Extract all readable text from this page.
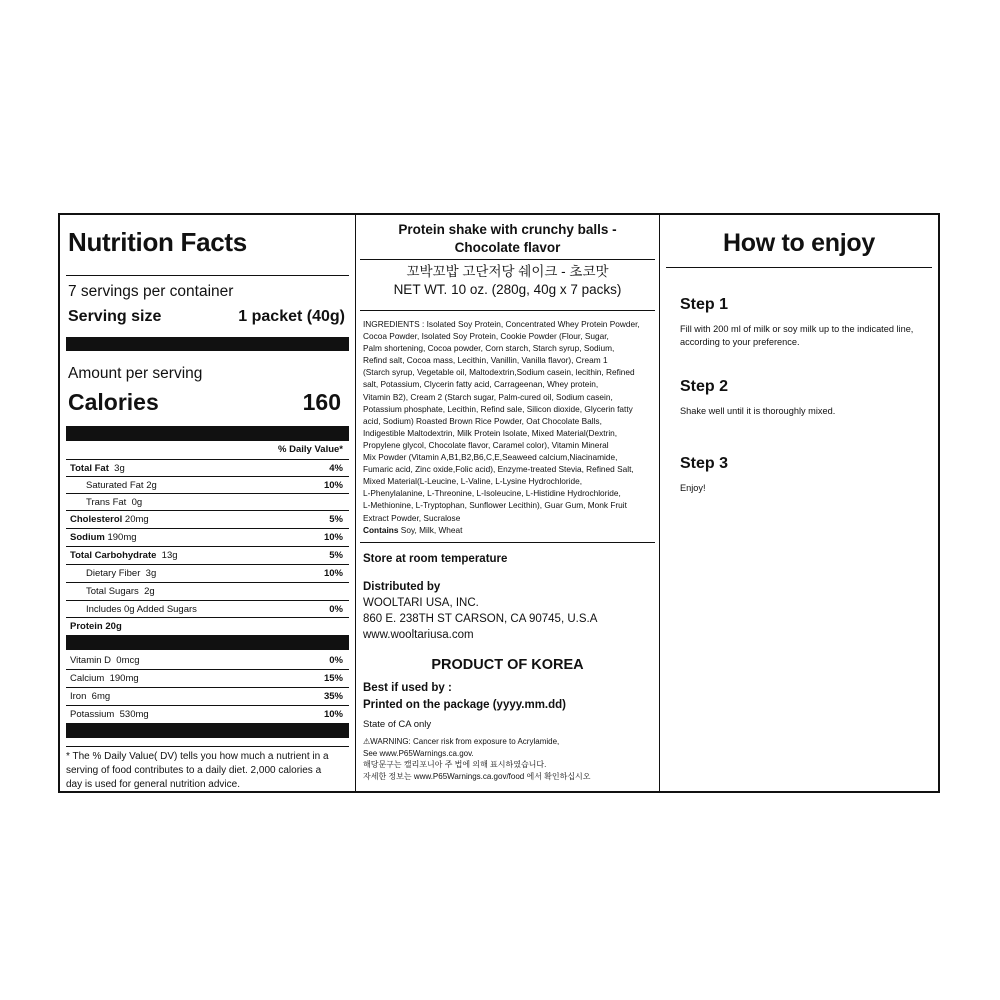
Nutrition Facts
7 servings per container
Serving size	1 packet (40g)
Amount per serving
Calories	160
% Daily Value*
Total Fat 3g	4%
Saturated Fat 2g	10%
Trans Fat 0g
Cholesterol 20mg	5%
Sodium 190mg	10%
Total Carbohydrate 13g	5%
Dietary Fiber 3g	10%
Total Sugars 2g
Includes 0g Added Sugars	0%
Protein 20g
Vitamin D 0mcg	0%
Calcium 190mg	15%
Iron 6mg	35%
Potassium 530mg	10%
* The % Daily Value( DV) tells you how much a nutrient in a
serving of food contributes to a daily diet. 2,000 calories a
day is used for general nutrition advice.
Protein shake with crunchy balls -
Chocolate flavor
꼬박꼬밥 고단저당 쉐이크 - 초코맛
NET WT. 10 oz. (280g, 40g x 7 packs)
INGREDIENTS : Isolated Soy Protein, Concentrated Whey Protein Powder,
Cocoa Powder, Isolated Soy Protein, Cookie Powder (Flour, Sugar,
Palm shortening, Cocoa powder, Corn starch, Starch syrup, Sodium,
Refind salt, Cocoa mass, Lecithin, Vanillin, Vanilla flavor), Cream 1
(Starch syrup, Vegetable oil, Maltodextrin,Sodium casein, lecithin, Refined
salt, Potassium, Clycerin fatty acid, Carrageenan, Whey protein,
Vitamin B2), Cream 2 (Starch sugar, Palm-cured oil, Sodium casein,
Potassium phosphate, Lecithin, Refind sale, Silicon dioxide, Glycerin fatty
acid, Sodium) Roasted Brown Rice Powder, Oat Chocolate Balls,
Indigestible Maltodextrin, Milk Protein Isolate, Mixed Material(Dextrin,
Propylene glycol, Chocolate flavor, Caramel color), Vitamin Mineral
Mix Powder (Vitamin A,B1,B2,B6,C,E,Seaweed calcium,Niacinamide,
Fumaric acid, Zinc oxide,Folic acid), Enzyme-treated Stevia, Refined Salt,
Mixed Material(L-Leucine, L-Valine, L-Lysine Hydrochloride,
L-Phenylalanine, L-Threonine, L-Isoleucine, L-Histidine Hydrochloride,
L-Methionine, L-Tryptophan, Sunflower Lecithin), Guar Gum, Monk Fruit
Extract Powder, Sucralose
Contains Soy, Milk, Wheat
Store at room temperature
Distributed by
WOOLTARI USA, INC.
860 E. 238TH ST CARSON, CA 90745, U.S.A
www.wooltariusa.com
PRODUCT OF KOREA
Best if used by :
Printed on the package (yyyy.mm.dd)
State of CA only
⚠WARNING: Cancer risk from exposure to Acrylamide,
See www.P65Warnings.ca.gov.
해당문구는 캘리포니아 주 법에 의해 표시하였습니다.
자세한 정보는 www.P65Warnings.ca.gov/food 에서 확인하십시오
How to enjoy
Step 1
Fill with 200 ml of milk or soy milk up to the indicated line,
according to your preference.
Step 2
Shake well until it is thoroughly mixed.
Step 3
Enjoy!
